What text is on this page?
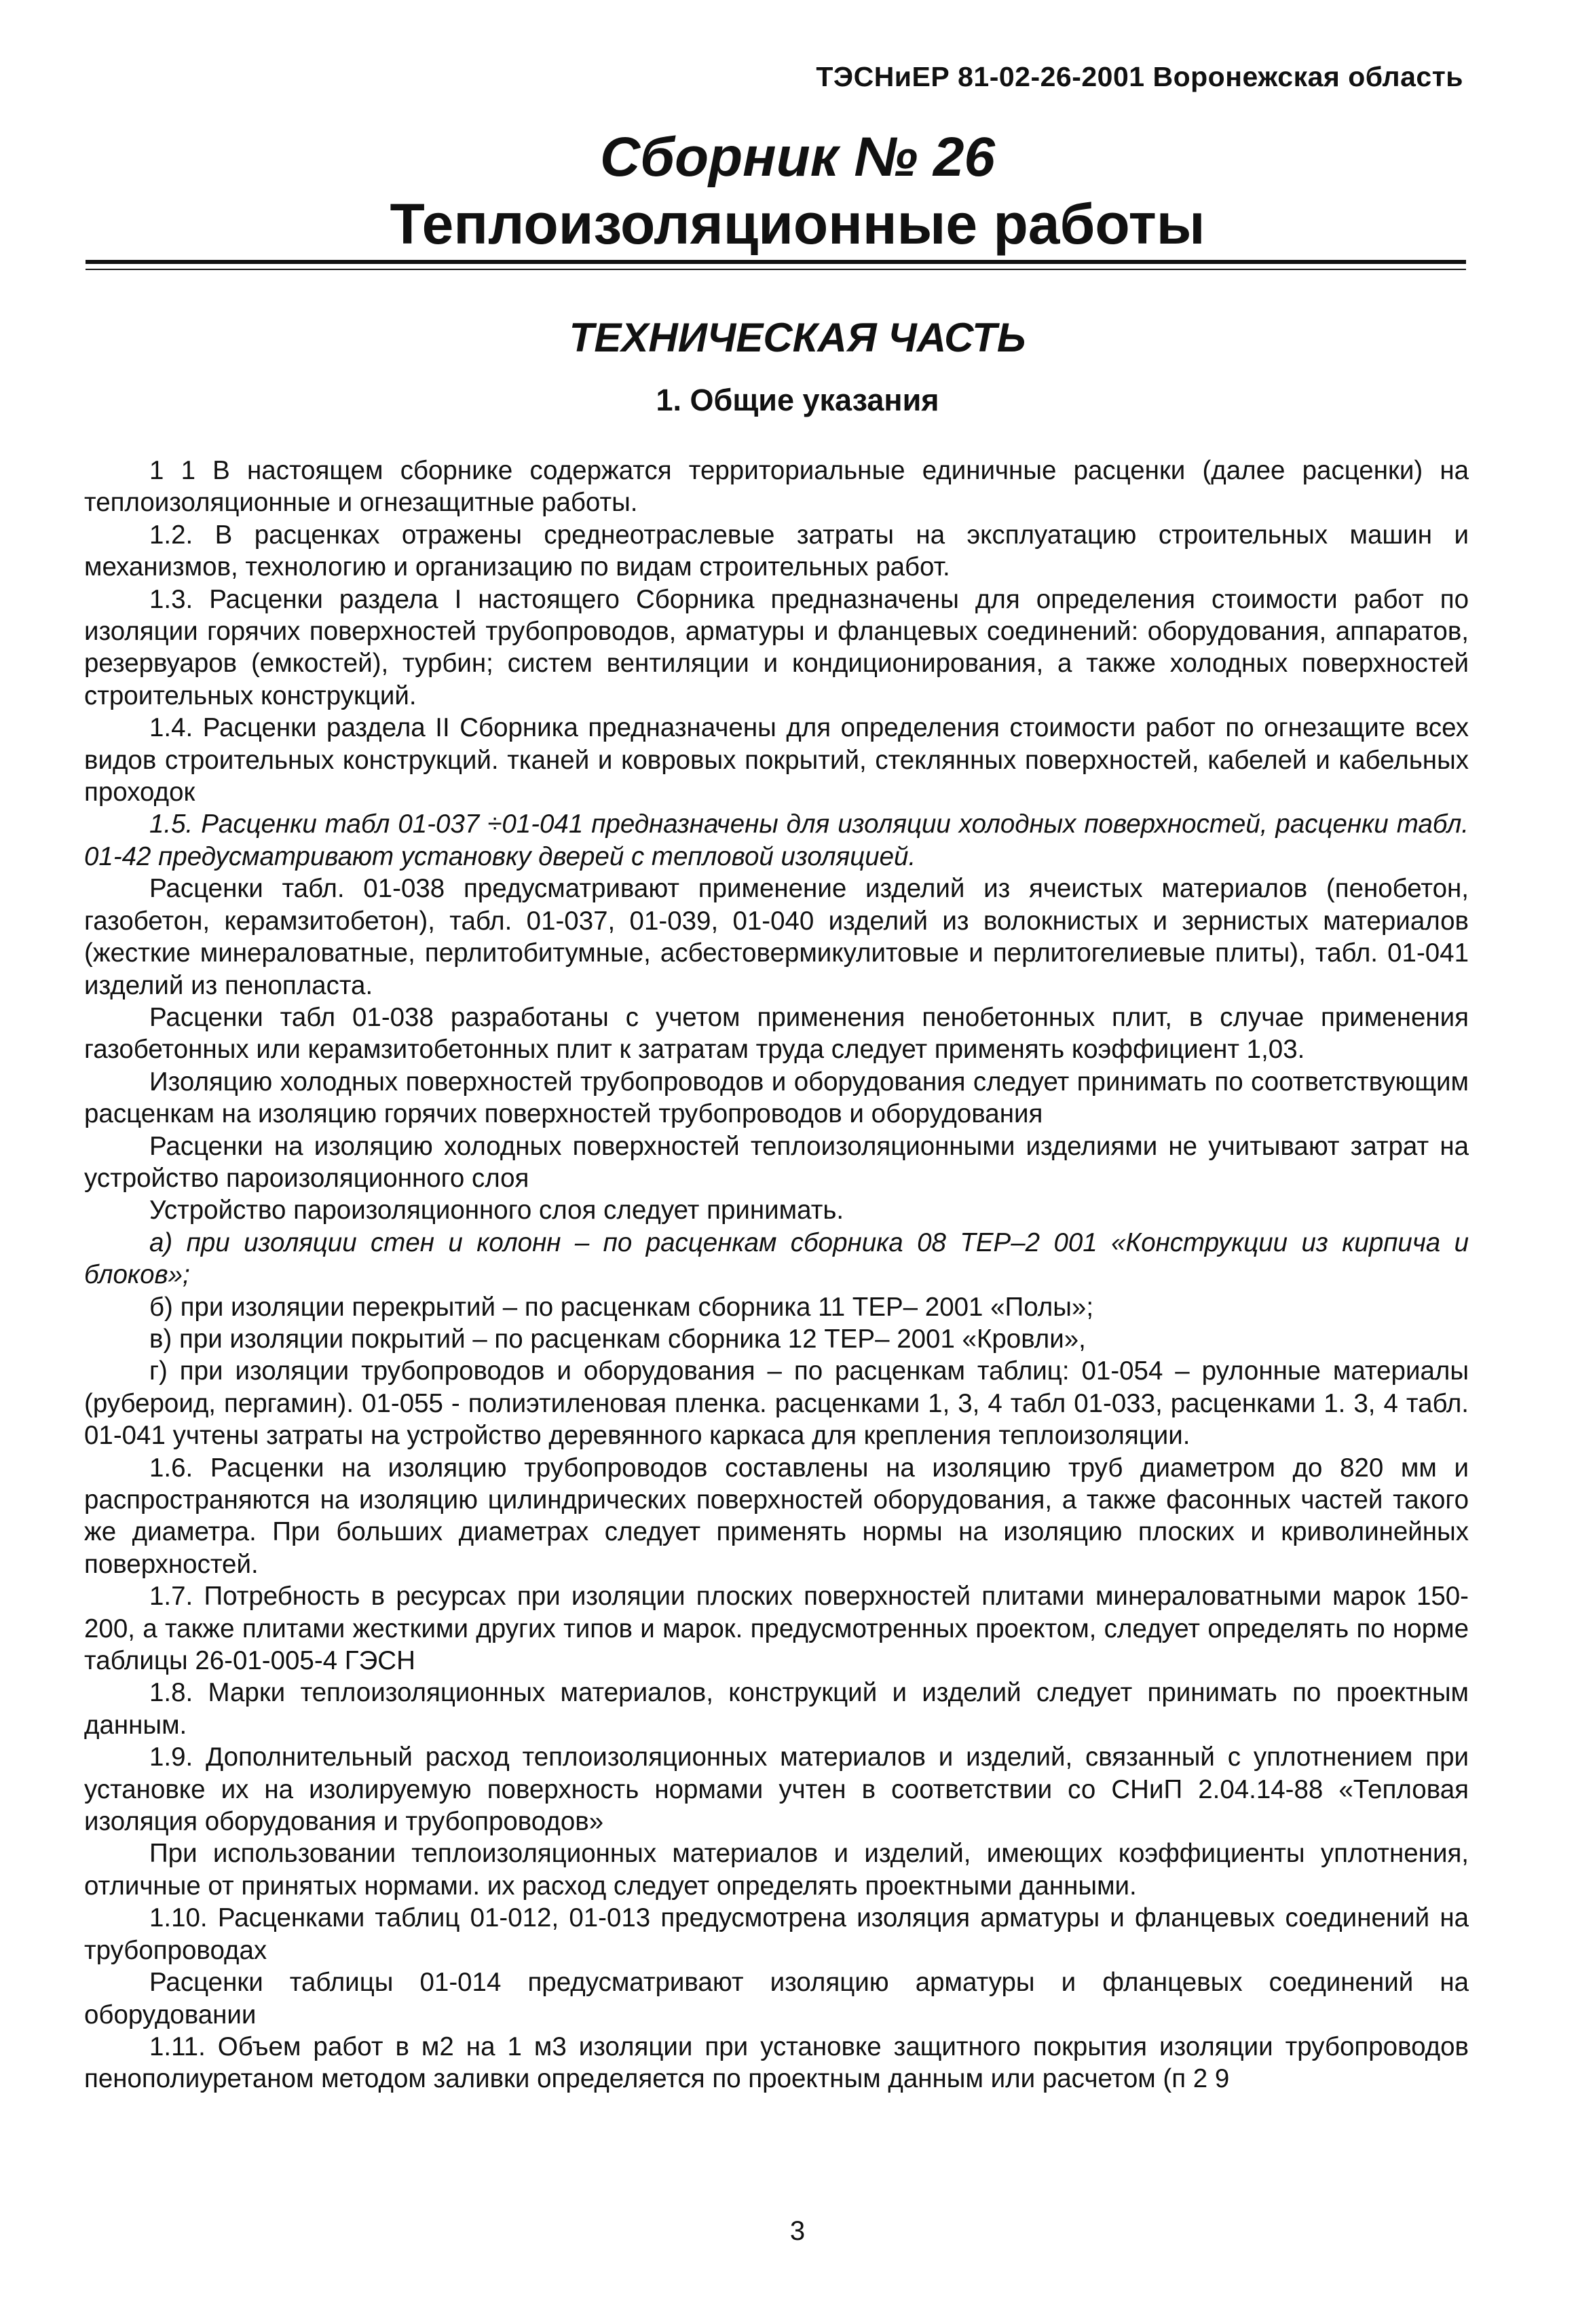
ТЭСНиЕР 81-02-26-2001 Воронежская область
Сборник № 26
Теплоизоляционные работы
ТЕХНИЧЕСКАЯ ЧАСТЬ
1. Общие указания

1 1 В настоящем сборнике содержатся территориальные единичные расценки (далее расценки) на теплоизоляционные и огнезащитные работы.

1.2. В расценках отражены среднеотраслевые затраты на эксплуатацию строительных машин и механизмов, технологию и организацию по видам строительных работ.

1.3. Расценки раздела I настоящего Сборника предназначены для определения стоимости работ по изоляции горячих поверхностей трубопроводов, арматуры и фланцевых соединений: оборудования, аппаратов, резервуаров (емкостей), турбин; систем вентиляции и кондиционирования, а также холодных поверхностей строительных конструкций.

1.4. Расценки раздела II Сборника предназначены для определения стоимости работ по огнезащите всех видов строительных конструкций. тканей и ковровых покрытий, стеклянных поверхностей, кабелей и кабельных проходок

1.5. Расценки табл 01-037 ÷01-041 предназначены для изоляции холодных поверхностей, расценки табл. 01-42 предусматривают установку дверей с тепловой изоляцией.

Расценки табл. 01-038 предусматривают применение изделий из ячеистых материалов (пенобетон, газобетон, керамзитобетон), табл. 01-037, 01-039, 01-040 изделий из волокнистых и зернистых материалов (жесткие минераловатные, перлитобитумные, асбестовермикулитовые и перлитогелиевые плиты), табл. 01-041 изделий из пенопласта.

Расценки табл 01-038 разработаны с учетом применения пенобетонных плит, в случае применения газобетонных или керамзитобетонных плит к затратам труда следует применять коэффициент 1,03.

Изоляцию холодных поверхностей трубопроводов и оборудования следует принимать по соответствующим расценкам на изоляцию горячих поверхностей трубопроводов и оборудования

Расценки на изоляцию холодных поверхностей теплоизоляционными изделиями не учитывают затрат на устройство пароизоляционного слоя

Устройство пароизоляционного слоя следует принимать.

а) при изоляции стен и колонн – по расценкам сборника 08 ТЕР–2 001 «Конструкции из кирпича и блоков»;

б) при изоляции перекрытий – по расценкам сборника 11 ТЕР– 2001 «Полы»;

в) при изоляции покрытий – по расценкам сборника 12 ТЕР– 2001 «Кровли»,

г) при изоляции трубопроводов и оборудования – по расценкам таблиц: 01-054 – рулонные материалы (рубероид, пергамин). 01-055 - полиэтиленовая пленка. расценками 1, 3, 4 табл 01-033, расценками 1. 3, 4 табл. 01-041 учтены затраты на устройство деревянного каркаса для крепления теплоизоляции.

1.6. Расценки на изоляцию трубопроводов составлены на изоляцию труб диаметром до 820 мм и распространяются на изоляцию цилиндрических поверхностей оборудования, а также фасонных частей такого же диаметра. При больших диаметрах следует применять нормы на изоляцию плоских и криволинейных поверхностей.

1.7. Потребность в ресурсах при изоляции плоских поверхностей плитами минераловатными марок 150-200, а также плитами жесткими других типов и марок. предусмотренных проектом, следует определять по норме таблицы 26-01-005-4 ГЭСН

1.8. Марки теплоизоляционных материалов, конструкций и изделий следует принимать по проектным данным.

1.9. Дополнительный расход теплоизоляционных материалов и изделий, связанный с уплотнением при установке их на изолируемую поверхность нормами учтен в соответствии со СНиП 2.04.14-88 «Тепловая изоляция оборудования и трубопроводов»

При использовании теплоизоляционных материалов и изделий, имеющих коэффициенты уплотнения, отличные от принятых нормами. их расход следует определять проектными данными.

1.10. Расценками таблиц 01-012, 01-013 предусмотрена изоляция арматуры и фланцевых соединений на трубопроводах

Расценки таблицы 01-014 предусматривают изоляцию арматуры и фланцевых соединений на оборудовании

1.11. Объем работ в м2 на 1 м3 изоляции при установке защитного покрытия изоляции трубопроводов пенополиуретаном методом заливки определяется по проектным данным или расчетом (п 2 9

3
